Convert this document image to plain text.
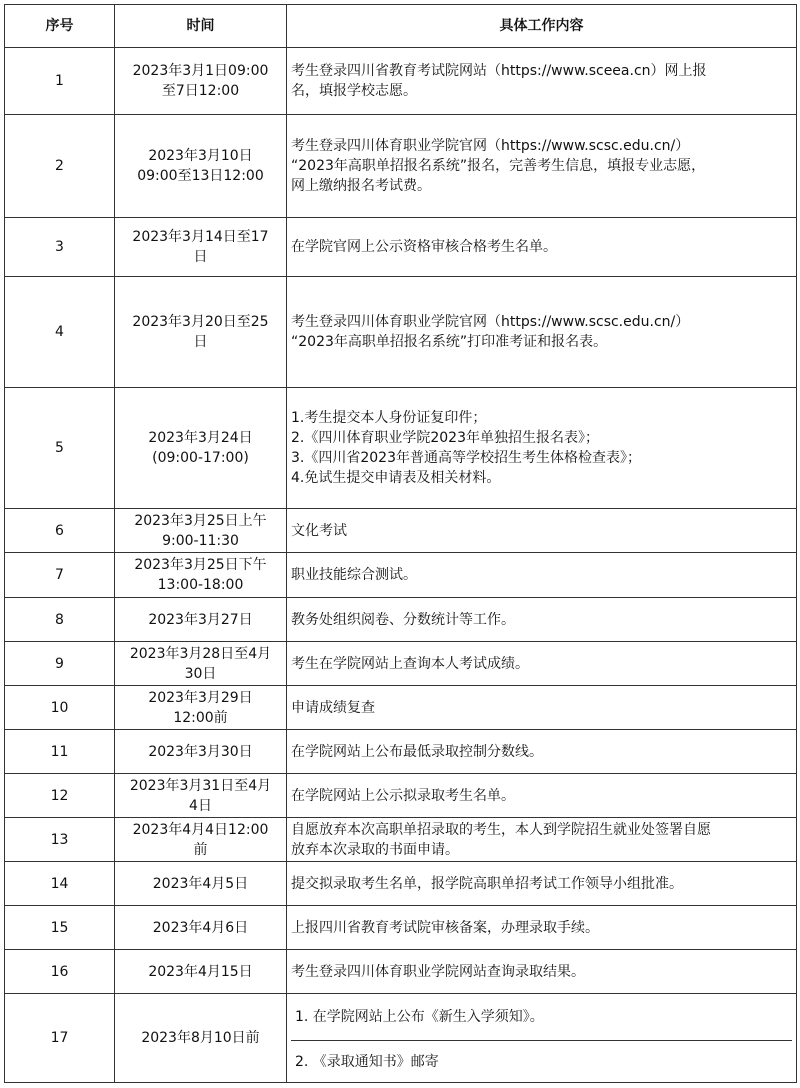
序号	时间	具体工作内容
1	2023年3月1日09:00
至7日12:00	考生登录四川省教育考试院网站（https://www.sceea.cn）网上报
名，填报学校志愿。

2	2023年3月10日
09:00至13日12:00	考生登录四川体育职业学院官网（https://www.scsc.edu.cn/）
“2023年高职单招报名系统”报名，完善考生信息，填报专业志愿，
网上缴纳报名考试费。

3	2023年3月14日至17
日	在学院官网上公示资格审核合格考生名单。

4	2023年3月20日至25
日	考生登录四川体育职业学院官网（https://www.scsc.edu.cn/）
“2023年高职单招报名系统”打印准考证和报名表。

5	2023年3月24日
(09:00-17:00)	1.考生提交本人身份证复印件；
2.《四川体育职业学院2023年单独招生报名表》；
3.《四川省2023年普通高等学校招生考生体格检查表》；
4.免试生提交申请表及相关材料。

6	2023年3月25日上午
9:00-11:30	文化考试

7	2023年3月25日下午
13:00-18:00	职业技能综合测试。

8	2023年3月27日	教务处组织阅卷、分数统计等工作。

9	2023年3月28日至4月
30日	考生在学院网站上查询本人考试成绩。

10	2023年3月29日
12:00前	申请成绩复查

11	2023年3月30日	在学院网站上公布最低录取控制分数线。

12	2023年3月31日至4月
4日	在学院网站上公示拟录取考生名单。

13	2023年4月4日12:00
前	自愿放弃本次高职单招录取的考生，本人到学院招生就业处签署自愿
放弃本次录取的书面申请。

14	2023年4月5日	提交拟录取考生名单，报学院高职单招考试工作领导小组批准。

15	2023年4月6日	上报四川省教育考试院审核备案，办理录取手续。

16	2023年4月15日	考生登录四川体育职业学院网站查询录取结果。

17	2023年8月10日前	1. 在学院网站上公布《新生入学须知》。
2. 《录取通知书》邮寄
